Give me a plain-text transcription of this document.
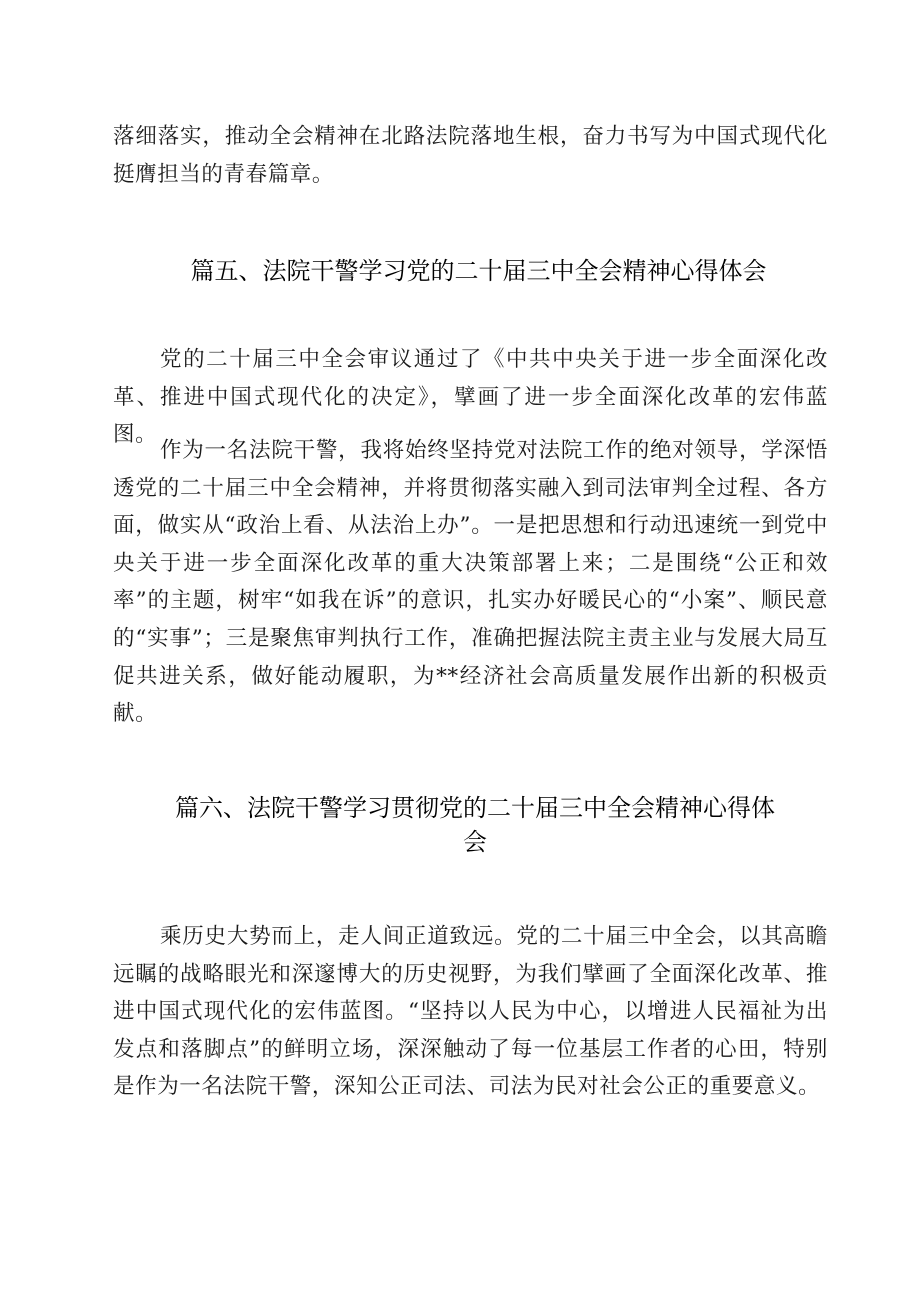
落细落实，推动全会精神在北路法院落地生根，奋力书写为中国式现代化挺膺担当的青春篇章。

篇五、法院干警学习党的二十届三中全会精神心得体会

党的二十届三中全会审议通过了《中共中央关于进一步全面深化改革、推进中国式现代化的决定》，擘画了进一步全面深化改革的宏伟蓝图。

作为一名法院干警，我将始终坚持党对法院工作的绝对领导，学深悟透党的二十届三中全会精神，并将贯彻落实融入到司法审判全过程、各方面，做实从“政治上看、从法治上办”。一是把思想和行动迅速统一到党中央关于进一步全面深化改革的重大决策部署上来；二是围绕“公正和效率”的主题，树牢“如我在诉”的意识，扎实办好暖民心的“小案”、顺民意的“实事”；三是聚焦审判执行工作，准确把握法院主责主业与发展大局互促共进关系，做好能动履职，为**经济社会高质量发展作出新的积极贡献。

篇六、法院干警学习贯彻党的二十届三中全会精神心得体
会

乘历史大势而上，走人间正道致远。党的二十届三中全会，以其高瞻远瞩的战略眼光和深邃博大的历史视野，为我们擘画了全面深化改革、推进中国式现代化的宏伟蓝图。“坚持以人民为中心，以增进人民福祉为出发点和落脚点”的鲜明立场，深深触动了每一位基层工作者的心田，特别是作为一名法院干警，深知公正司法、司法为民对社会公正的重要意义。
